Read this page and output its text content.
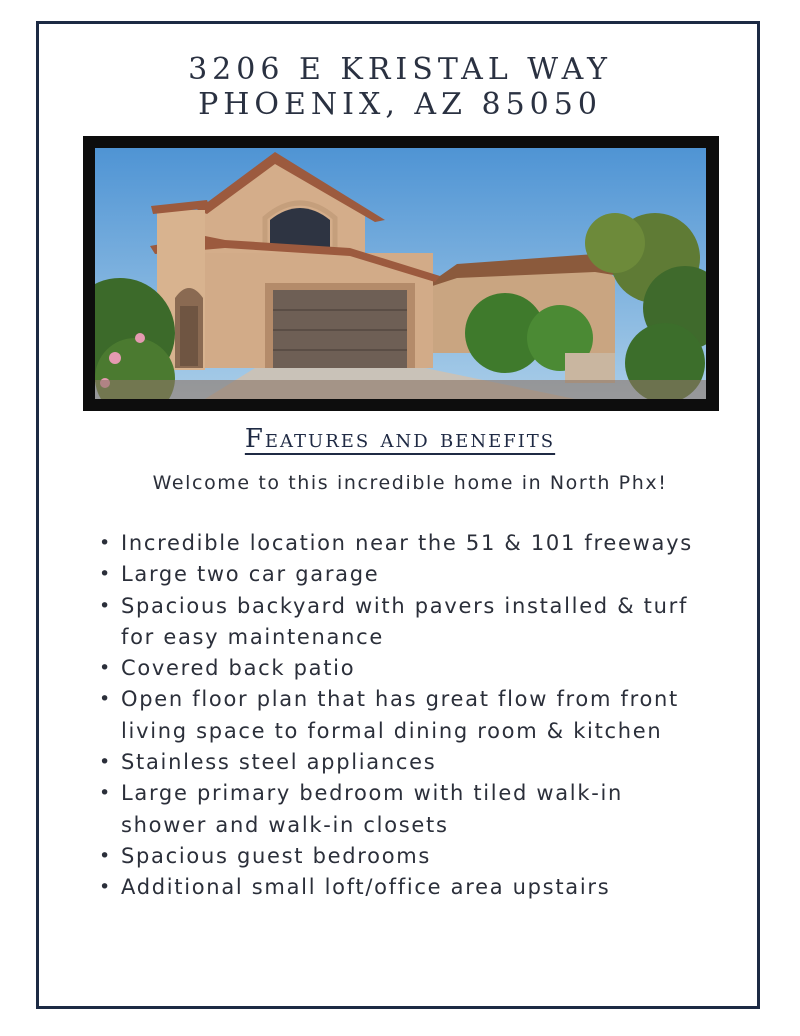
3206 E KRISTAL WAY
PHOENIX, AZ 85050
Features and benefits
Welcome to this incredible home in North Phx!
• Incredible location near the 51 & 101 freeways
• Large two car garage
• Spacious backyard with pavers installed & turf for easy maintenance
• Covered back patio
• Open floor plan that has great flow from front living space to formal dining room & kitchen
• Stainless steel appliances
• Large primary bedroom with tiled walk-in shower and walk-in closets
• Spacious guest bedrooms
• Additional small loft/office area upstairs
